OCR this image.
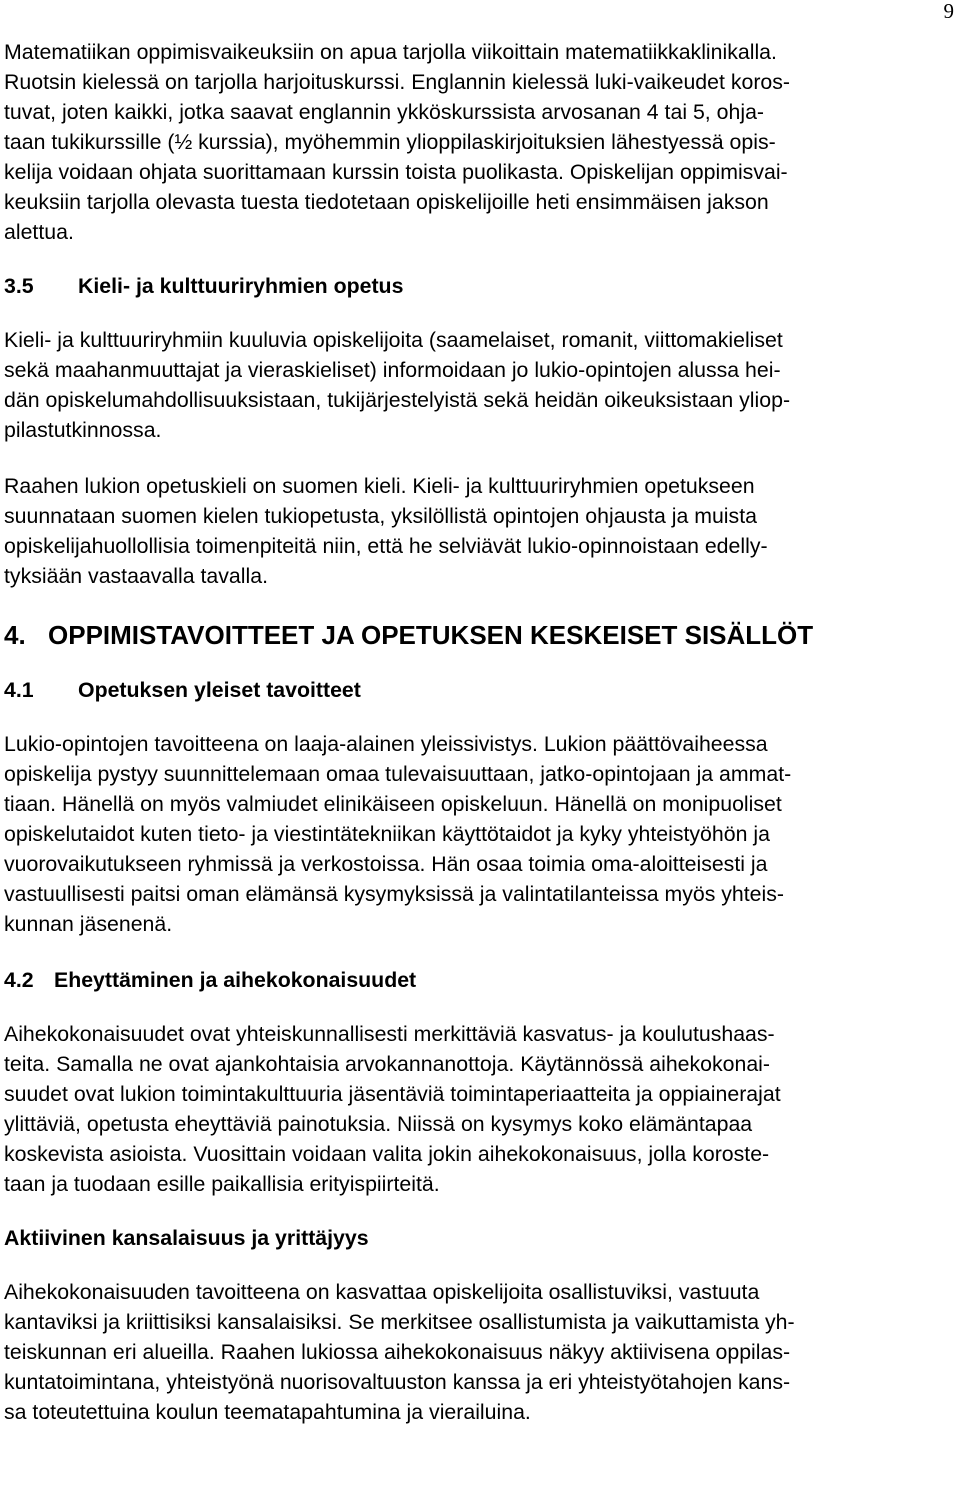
9

Matematiikan oppimisvaikeuksiin on apua tarjolla viikoittain matematiikkaklinikalla.
Ruotsin kielessä on tarjolla harjoituskurssi. Englannin kielessä luki-vaikeudet koros-
tuvat, joten kaikki, jotka saavat englannin ykköskurssista arvosanan 4 tai 5, ohja-
taan tukikurssille (½ kurssia), myöhemmin ylioppilaskirjoituksien lähestyessä opis-
kelija voidaan ohjata suorittamaan kurssin toista puolikasta. Opiskelijan oppimisvai-
keuksiin tarjolla olevasta tuesta tiedotetaan opiskelijoille heti ensimmäisen jakson
alettua.

3.5 Kieli- ja kulttuuriryhmien opetus

Kieli- ja kulttuuriryhmiin kuuluvia opiskelijoita (saamelaiset, romanit, viittomakieliset
sekä maahanmuuttajat ja vieraskieliset) informoidaan jo lukio-opintojen alussa hei-
dän opiskelumahdollisuuksistaan, tukijärjestelyistä sekä heidän oikeuksistaan yliop-
pilastutkinnossa.

Raahen lukion opetuskieli on suomen kieli. Kieli- ja kulttuuriryhmien opetukseen
suunnataan suomen kielen tukiopetusta, yksilöllistä opintojen ohjausta ja muista
opiskelijahuollollisia toimenpiteitä niin, että he selviävät lukio-opinnoistaan edelly-
tyksiään vastaavalla tavalla.

4. OPPIMISTAVOITTEET JA OPETUKSEN KESKEISET SISÄLLÖT
4.1 Opetuksen yleiset tavoitteet

Lukio-opintojen tavoitteena on laaja-alainen yleissivistys. Lukion päättövaiheessa
opiskelija pystyy suunnittelemaan omaa tulevaisuuttaan, jatko-opintojaan ja ammat-
tiaan. Hänellä on myös valmiudet elinikäiseen opiskeluun. Hänellä on monipuoliset
opiskelutaidot kuten tieto- ja viestintätekniikan käyttötaidot ja kyky yhteistyöhön ja
vuorovaikutukseen ryhmissä ja verkostoissa. Hän osaa toimia oma-aloitteisesti ja
vastuullisesti paitsi oman elämänsä kysymyksissä ja valintatilanteissa myös yhteis-
kunnan jäsenenä.

4.2 Eheyttäminen ja aihekokonaisuudet

Aihekokonaisuudet ovat yhteiskunnallisesti merkittäviä kasvatus- ja koulutushaas-
teita. Samalla ne ovat ajankohtaisia arvokannanottoja. Käytännössä aihekokonai-
suudet ovat lukion toimintakulttuuria jäsentäviä toimintaperiaatteita ja oppiainerajat
ylittäviä, opetusta eheyttäviä painotuksia. Niissä on kysymys koko elämäntapaa
koskevista asioista. Vuosittain voidaan valita jokin aihekokonaisuus, jolla koroste-
taan ja tuodaan esille paikallisia erityispiirteitä.

Aktiivinen kansalaisuus ja yrittäjyys

Aihekokonaisuuden tavoitteena on kasvattaa opiskelijoita osallistuviksi, vastuuta
kantaviksi ja kriittisiksi kansalaisiksi. Se merkitsee osallistumista ja vaikuttamista yh-
teiskunnan eri alueilla. Raahen lukiossa aihekokonaisuus näkyy aktiivisena oppilas-
kuntatoimintana, yhteistyönä nuorisovaltuuston kanssa ja eri yhteistyötahojen kans-
sa toteutettuina koulun teematapahtumina ja vierailuina.
